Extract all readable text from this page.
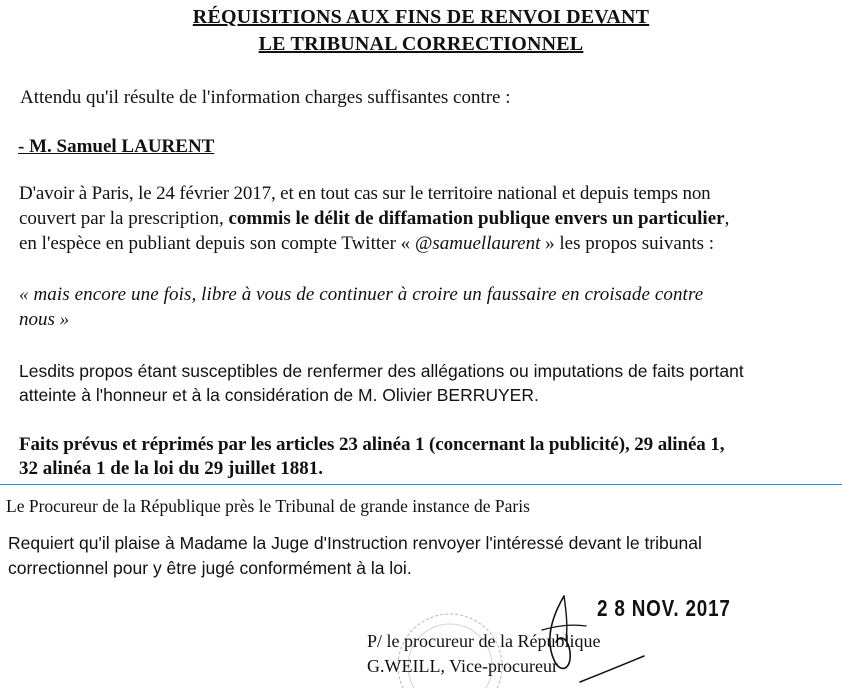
RÉQUISITIONS AUX FINS DE RENVOI DEVANT
LE TRIBUNAL CORRECTIONNEL
Attendu qu'il résulte de l'information charges suffisantes contre :
- M. Samuel LAURENT
D'avoir à Paris, le 24 février 2017, et en tout cas sur le territoire national et depuis temps non
couvert par la prescription, commis le délit de diffamation publique envers un particulier,
en l'espèce en publiant depuis son compte Twitter « @samuellaurent » les propos suivants :
« mais encore une fois, libre à vous de continuer à croire un faussaire en croisade contre
nous »
Lesdits propos étant susceptibles de renfermer des allégations ou imputations de faits portant
atteinte à l'honneur et à la considération de M. Olivier BERRUYER.
Faits prévus et réprimés par les articles 23 alinéa 1 (concernant la publicité), 29 alinéa 1,
32 alinéa 1 de la loi du 29 juillet 1881.
Le Procureur de la République près le Tribunal de grande instance de Paris
Requiert qu'il plaise à Madame la Juge d'Instruction renvoyer l'intéressé devant le tribunal
correctionnel pour y être jugé conformément à la loi.
2 8 NOV. 2017
P/ le procureur de la République
G.WEILL, Vice-procureur
